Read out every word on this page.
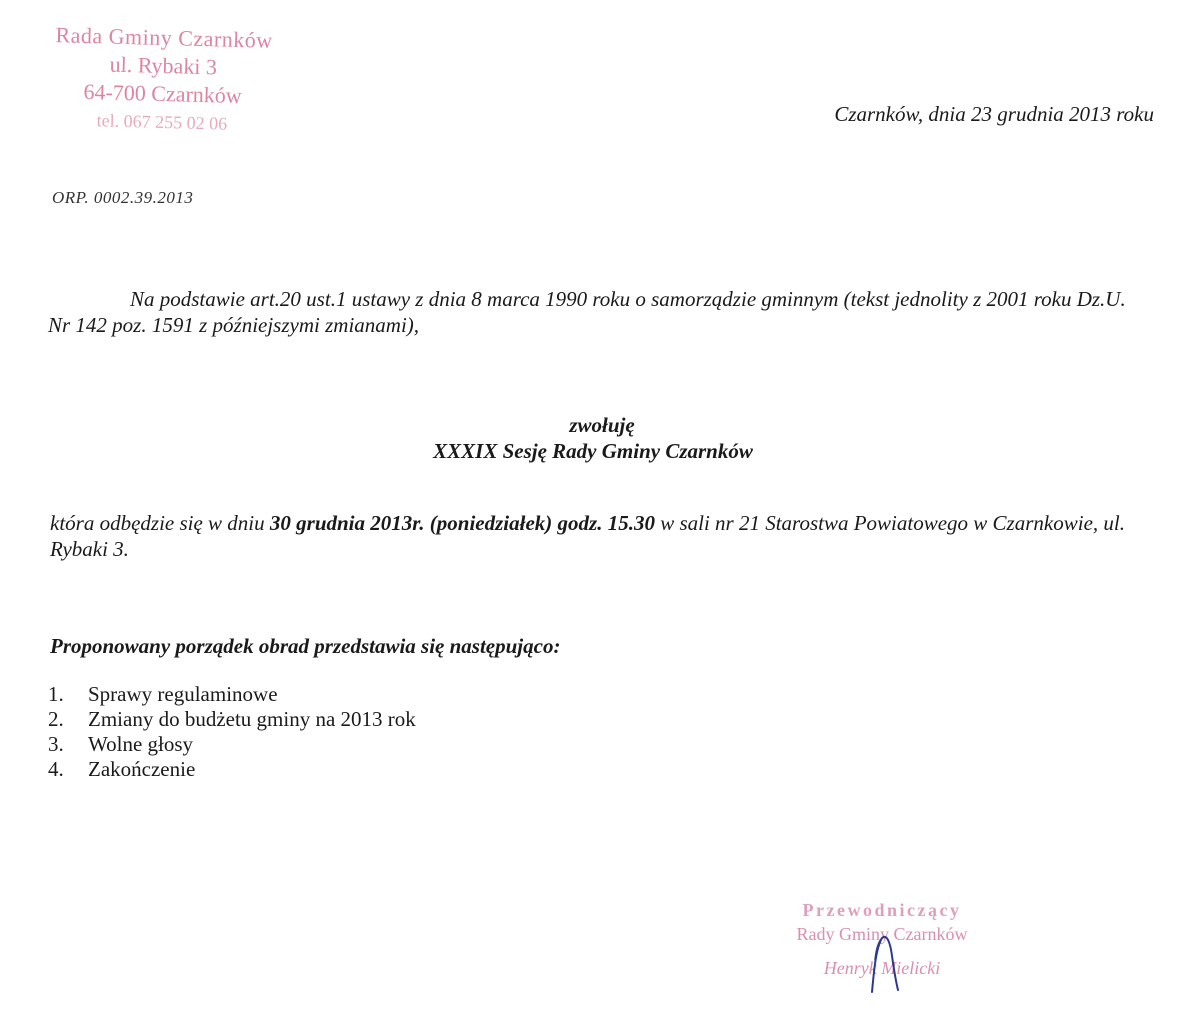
Rada Gminy Czarnków
ul. Rybaki 3
64-700 Czarnków
tel. 067 255 02 06	Czarnków, dnia 23 grudnia 2013 roku
ORP. 0002.39.2013
Na podstawie art.20 ust.1 ustawy z dnia 8 marca 1990 roku o samorządzie gminnym (tekst jednolity z 2001 roku Dz.U. Nr 142 poz. 1591 z późniejszymi zmianami),
zwołuję
XXXIX Sesję Rady Gminy Czarnków
która odbędzie się w dniu 30 grudnia 2013r. (poniedziałek) godz. 15.30 w sali nr 21 Starostwa Powiatowego w Czarnkowie, ul. Rybaki 3.
Proponowany porządek obrad przedstawia się następująco:
1.	Sprawy regulaminowe
2.	Zmiany do budżetu gminy na 2013 rok
3.	Wolne głosy
4.	Zakończenie
Przewodniczący
Rady Gminy Czarnków
Henryk Mielicki
